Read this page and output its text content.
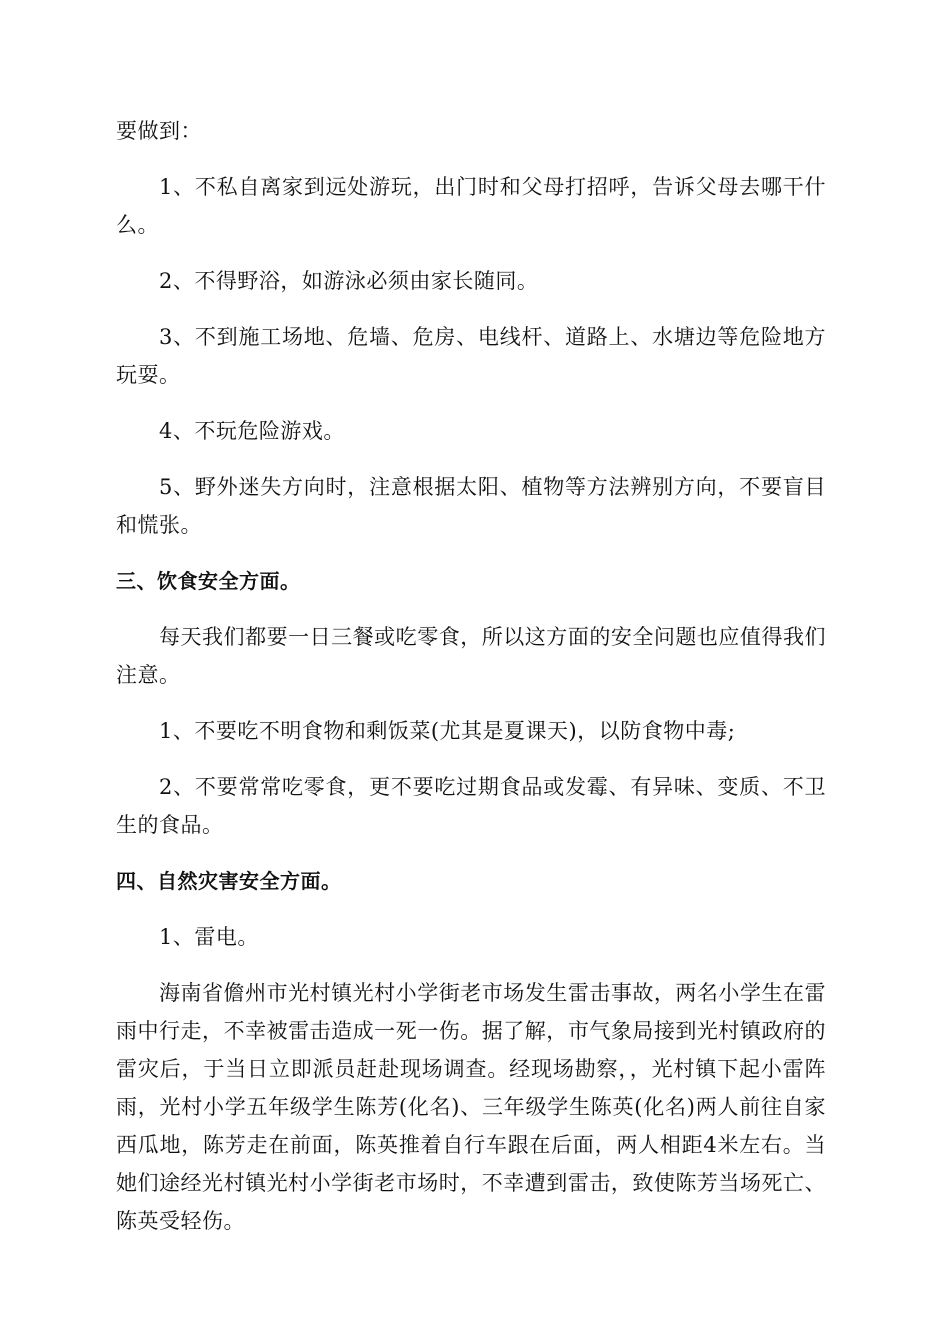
要做到：

1、不私自离家到远处游玩，出门时和父母打招呼，告诉父母去哪干什么。

2、不得野浴，如游泳必须由家长随同。

3、不到施工场地、危墙、危房、电线杆、道路上、水塘边等危险地方玩耍。

4、不玩危险游戏。

5、野外迷失方向时，注意根据太阳、植物等方法辨别方向，不要盲目和慌张。

三、饮食安全方面。

每天我们都要一日三餐或吃零食，所以这方面的安全问题也应值得我们注意。

1、不要吃不明食物和剩饭菜(尤其是夏课天)，以防食物中毒;

2、不要常常吃零食，更不要吃过期食品或发霉、有异味、变质、不卫生的食品。

四、自然灾害安全方面。

1、雷电。

海南省儋州市光村镇光村小学街老市场发生雷击事故，两名小学生在雷雨中行走，不幸被雷击造成一死一伤。据了解，市气象局接到光村镇政府的雷灾后，于当日立即派员赶赴现场调查。经现场勘察，，光村镇下起小雷阵雨，光村小学五年级学生陈芳(化名)、三年级学生陈英(化名)两人前往自家西瓜地，陈芳走在前面，陈英推着自行车跟在后面，两人相距4米左右。当她们途经光村镇光村小学街老市场时，不幸遭到雷击，致使陈芳当场死亡、陈英受轻伤。
